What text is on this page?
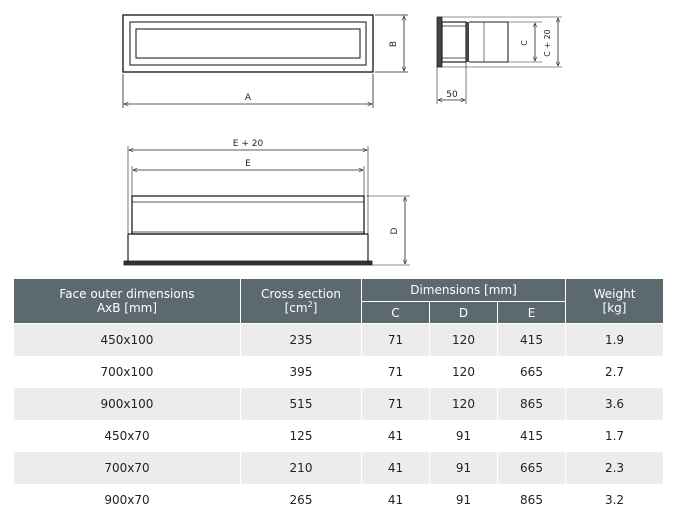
A
B	C C + 20
50
E + 20
E
D
Face outer dimensions
AxB [mm]	Cross section $[cm^2]$	Dimensions [mm]			Weight
[kg]

		C	D	E	
450x100	235	71	120	415	1.9
700x100	395	71	120	665	2.7
900x100	515	71	120	865	3.6
450x70	125	41	91	415	1.7
700x70	210	41	91	665	2.3
900x70	265	41	91	865	3.2
